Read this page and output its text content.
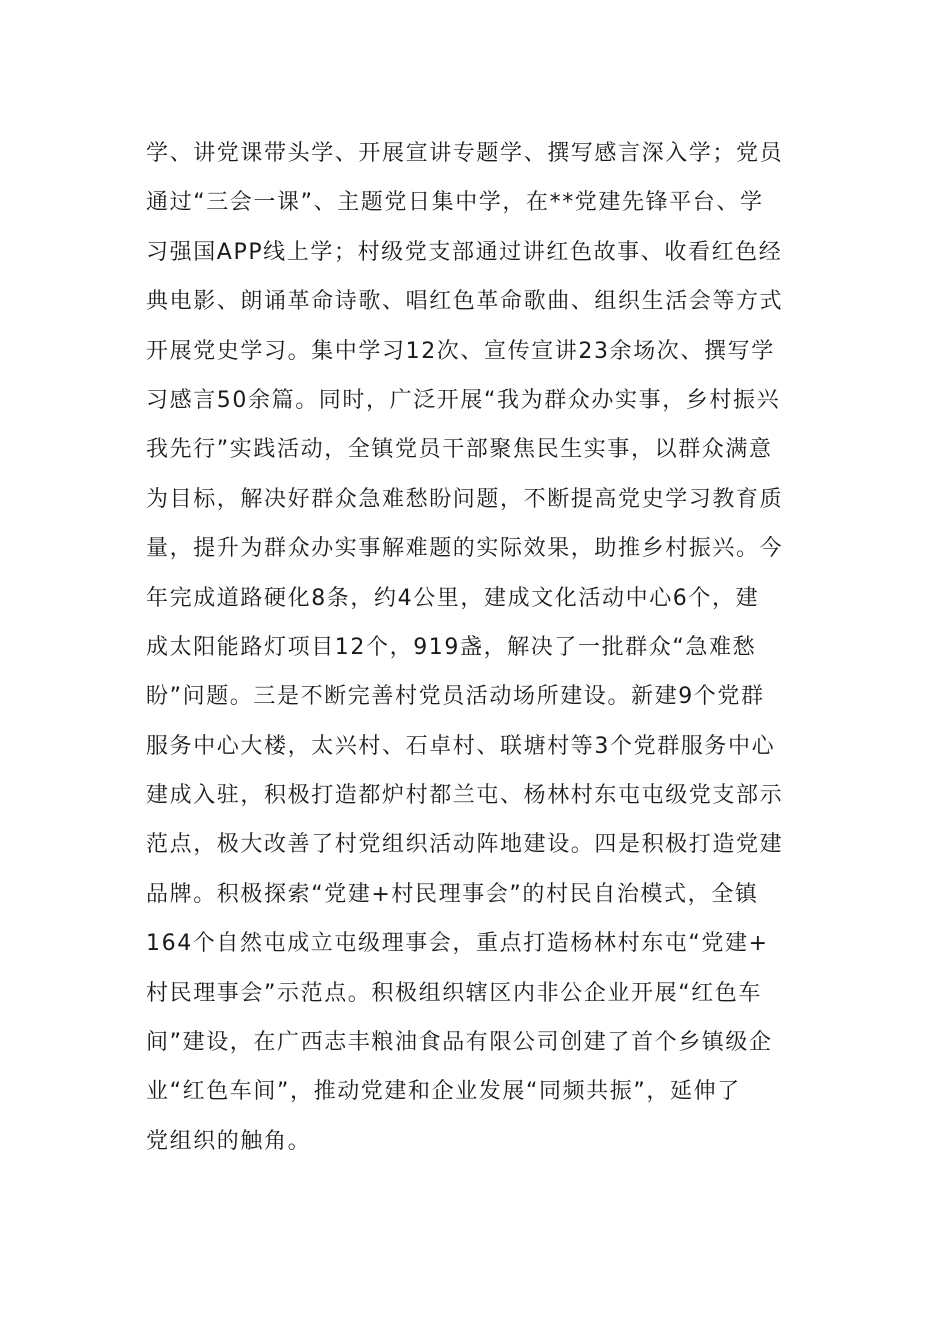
学、讲党课带头学、开展宣讲专题学、撰写感言深入学；党员
通过“三会一课”、主题党日集中学，在**党建先锋平台、学
习强国APP线上学；村级党支部通过讲红色故事、收看红色经
典电影、朗诵革命诗歌、唱红色革命歌曲、组织生活会等方式
开展党史学习。集中学习12次、宣传宣讲23余场次、撰写学
习感言50余篇。同时，广泛开展“我为群众办实事，乡村振兴
我先行”实践活动，全镇党员干部聚焦民生实事，以群众满意
为目标，解决好群众急难愁盼问题，不断提高党史学习教育质
量，提升为群众办实事解难题的实际效果，助推乡村振兴。今
年完成道路硬化8条，约4公里，建成文化活动中心6个，建
成太阳能路灯项目12个，919盏，解决了一批群众“急难愁
盼”问题。三是不断完善村党员活动场所建设。新建9个党群
服务中心大楼，太兴村、石卓村、联塘村等3个党群服务中心
建成入驻，积极打造都炉村都兰屯、杨林村东屯屯级党支部示
范点，极大改善了村党组织活动阵地建设。四是积极打造党建
品牌。积极探索“党建+村民理事会”的村民自治模式，全镇
164个自然屯成立屯级理事会，重点打造杨林村东屯“党建+
村民理事会”示范点。积极组织辖区内非公企业开展“红色车
间”建设，在广西志丰粮油食品有限公司创建了首个乡镇级企
业“红色车间”，推动党建和企业发展“同频共振”，延伸了
党组织的触角。
